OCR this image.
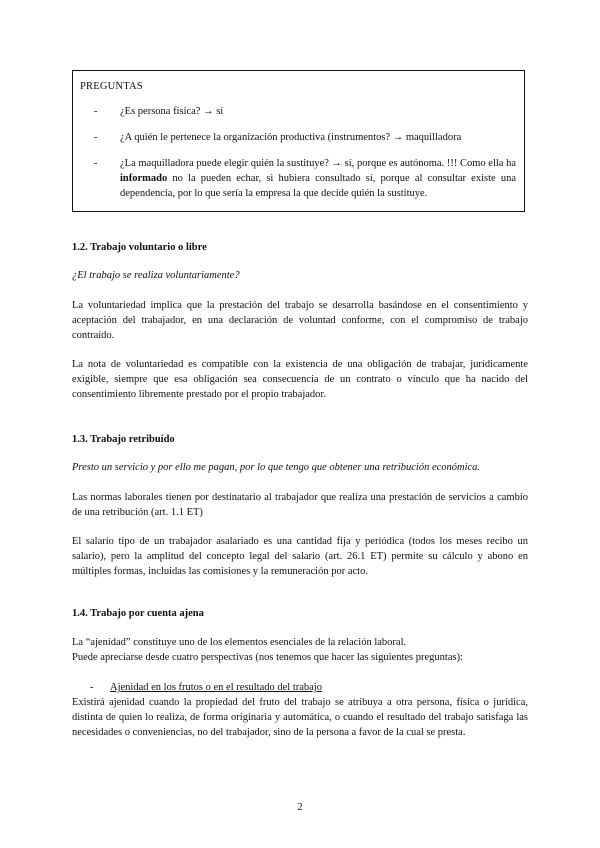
PREGUNTAS
- ¿Es persona física? → sí
- ¿A quién le pertenece la organización productiva (instrumentos? → maquilladora
- ¿La maquilladora puede elegir quién la sustituye? → sí, porque es autónoma. !!! Como ella ha informado no la pueden echar, si hubiera consultado sí, porque al consultar existe una dependencia, por lo que sería la empresa la que decide quién la sustituye.
1.2. Trabajo voluntario o libre

¿El trabajo se realiza voluntariamente?

La voluntariedad implica que la prestación del trabajo se desarrolla basándose en el consentimiento y aceptación del trabajador, en una declaración de voluntad conforme, con el compromiso de trabajo contraído.

La nota de voluntariedad es compatible con la existencia de una obligación de trabajar, jurídicamente exigible, siempre que esa obligación sea consecuencia de un contrato o vínculo que ha nacido del consentimiento libremente prestado por el propio trabajador.

1.3. Trabajo retribuido

Presto un servicio y por ello me pagan, por lo que tengo que obtener una retribución económica.

Las normas laborales tienen por destinatario al trabajador que realiza una prestación de servicios a cambio de una retribución (art. 1.1 ET)

El salario tipo de un trabajador asalariado es una cantidad fija y periódica (todos los meses recibo un salario), pero la amplitud del concepto legal del salario (art. 26.1 ET) permite su cálculo y abono en múltiples formas, incluidas las comisiones y la remuneración por acto.

1.4. Trabajo por cuenta ajena

La “ajenidad” constituye uno de los elementos esenciales de la relación laboral.

Puede apreciarse desde cuatro perspectivas (nos tenemos que hacer las siguientes preguntas):

- Ajenidad en los frutos o en el resultado del trabajo

Existirá ajenidad cuando la propiedad del fruto del trabajo se atribuya a otra persona, física o jurídica, distinta de quien lo realiza, de forma originaria y automática, o cuando el resultado del trabajo satisfaga las necesidades o conveniencias, no del trabajador, sino de la persona a favor de la cual se presta.

2
